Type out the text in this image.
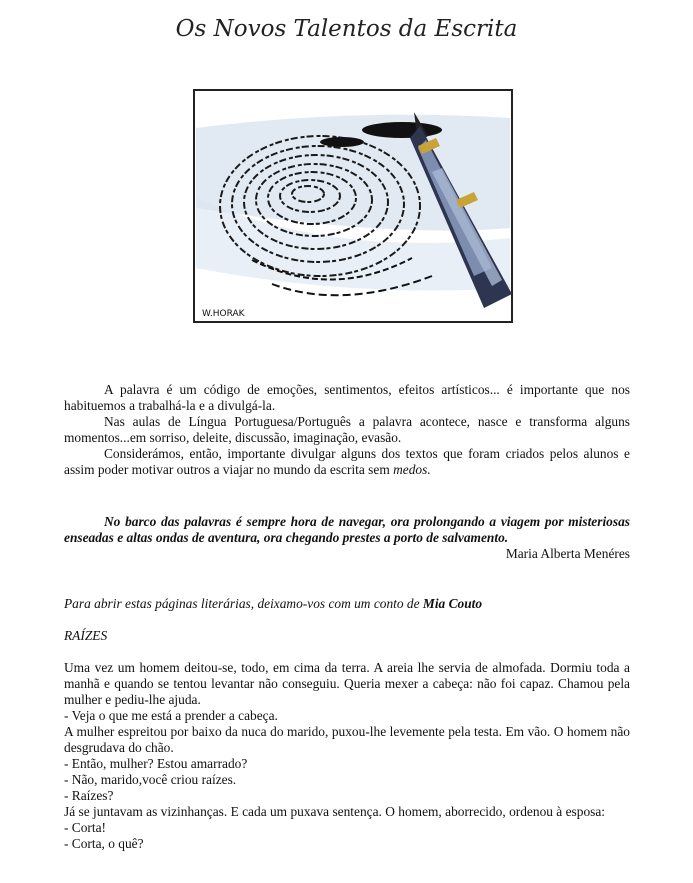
Os Novos Talentos da Escrita
W.HORAK

A palavra é um código de emoções, sentimentos, efeitos artísticos... é importante que nos habituemos a trabalhá-la e a divulgá-la.

Nas aulas de Língua Portuguesa/Português a palavra acontece, nasce e transforma alguns momentos...em sorriso, deleite, discussão, imaginação, evasão.

Considerámos, então, importante divulgar alguns dos textos que foram criados pelos alunos e assim poder motivar outros a viajar no mundo da escrita sem medos.

No barco das palavras é sempre hora de navegar, ora prolongando a viagem por misteriosas enseadas e altas ondas de aventura, ora chegando prestes a porto de salvamento.

Maria Alberta Menéres

Para abrir estas páginas literárias, deixamo-vos com um conto de Mia Couto
RAÍZES

Uma vez um homem deitou-se, todo, em cima da terra. A areia lhe servia de almofada. Dormiu toda a manhã e quando se tentou levantar não conseguiu. Queria mexer a cabeça: não foi capaz. Chamou pela mulher e pediu-lhe ajuda.

- Veja o que me está a prender a cabeça.

A mulher espreitou por baixo da nuca do marido, puxou-lhe levemente pela testa. Em vão. O homem não desgrudava do chão.

- Então, mulher? Estou amarrado?

- Não, marido,você criou raízes.

- Raízes?

Já se juntavam as vizinhanças. E cada um puxava sentença. O homem, aborrecido, ordenou à esposa:

- Corta!

- Corta, o quê?
